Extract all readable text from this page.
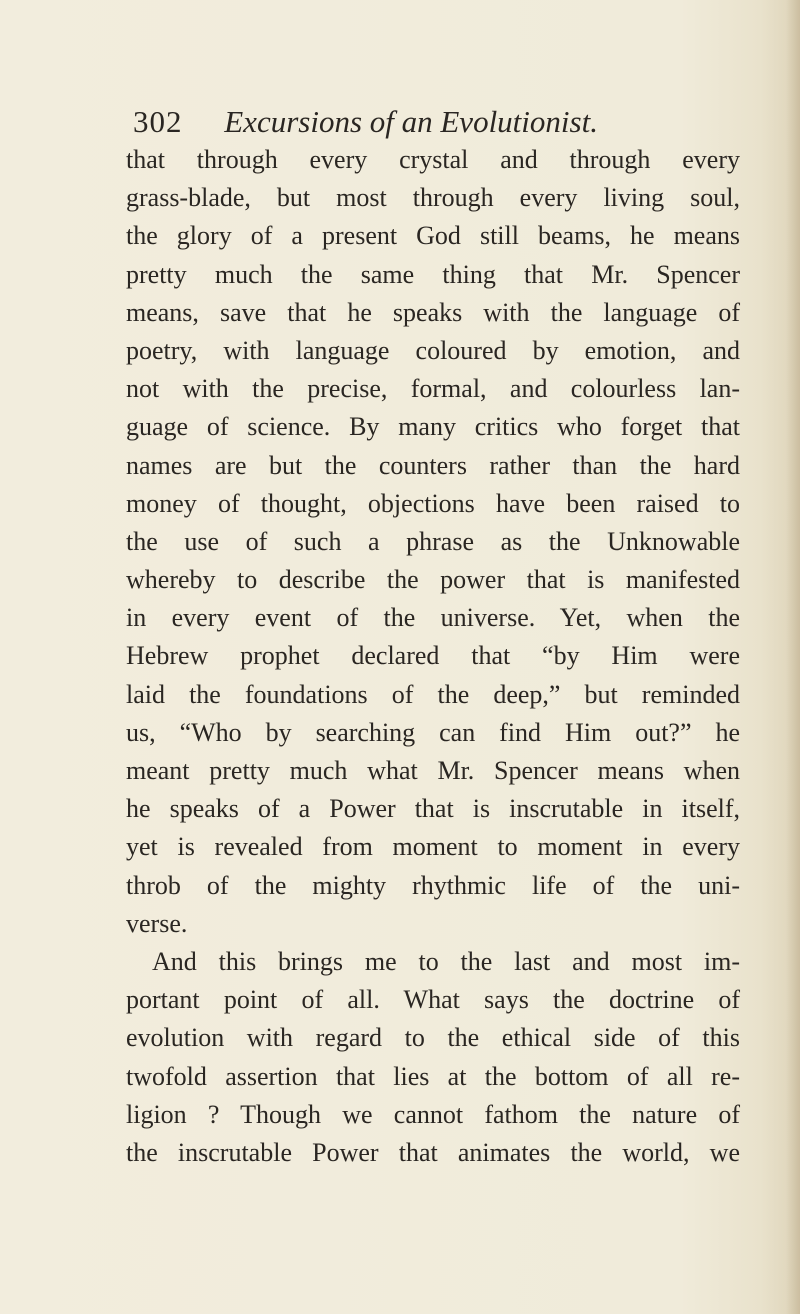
302 Excursions of an Evolutionist.
that through every crystal and through every
grass-blade, but most through every living soul,
the glory of a present God still beams, he means
pretty much the same thing that Mr. Spencer
means, save that he speaks with the language of
poetry, with language coloured by emotion, and
not with the precise, formal, and colourless lan-
guage of science. By many critics who forget that
names are but the counters rather than the hard
money of thought, objections have been raised to
the use of such a phrase as the Unknowable
whereby to describe the power that is manifested
in every event of the universe. Yet, when the
Hebrew prophet declared that “by Him were
laid the foundations of the deep,” but reminded
us, “Who by searching can find Him out?” he
meant pretty much what Mr. Spencer means when
he speaks of a Power that is inscrutable in itself,
yet is revealed from moment to moment in every
throb of the mighty rhythmic life of the uni-
verse.
And this brings me to the last and most im-
portant point of all. What says the doctrine of
evolution with regard to the ethical side of this
twofold assertion that lies at the bottom of all re-
ligion ? Though we cannot fathom the nature of
the inscrutable Power that animates the world, we
